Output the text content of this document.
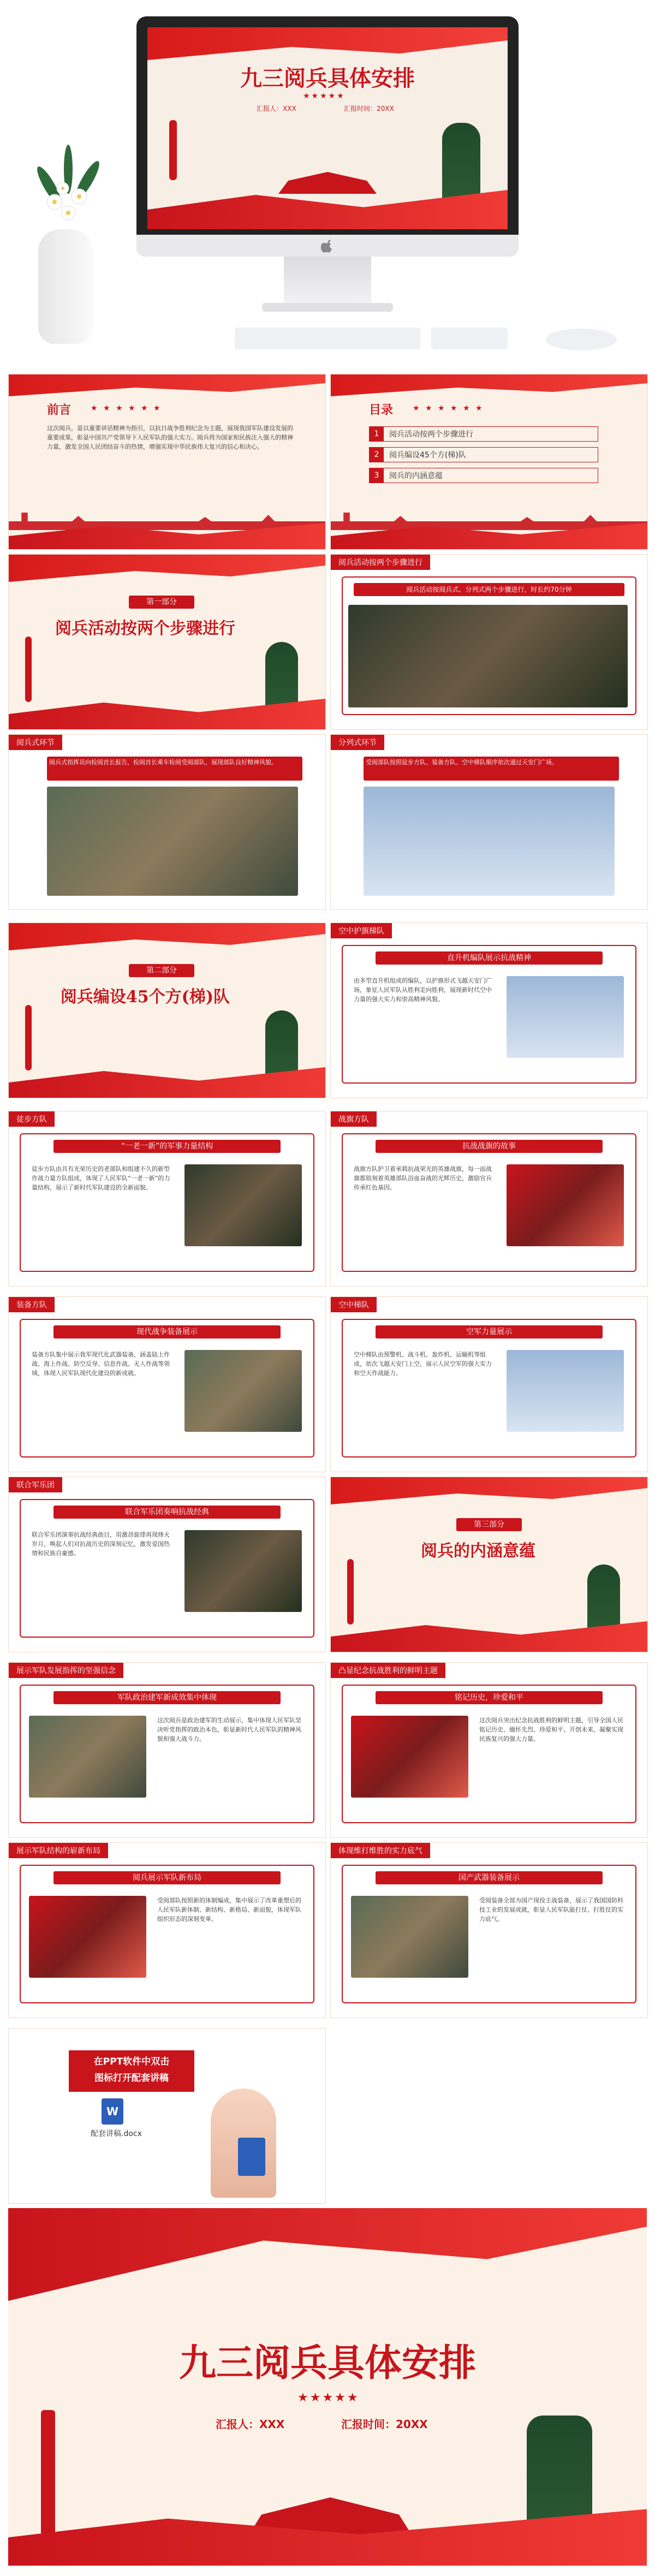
九三阅兵具体安排
★★★★★
汇报人：XXX	汇报时间：20XX
前言	★ ★ ★ ★ ★ ★
这次阅兵，是以重要讲话精神为指引，以抗日战争胜利纪念为主题，展现我国军队建设发展的重要成果，彰显中国共产党领导下人民军队的强大实力。阅兵将为国家和民族注入强大的精神力量，激发全国人民团结奋斗的热情，增强实现中华民族伟大复兴的信心和决心。
目录	★ ★ ★ ★ ★ ★
1	阅兵活动按两个步骤进行
2	阅兵编设45个方(梯)队
3	阅兵的内涵意蕴
第一部分
阅兵活动按两个步骤进行
阅兵活动按两个步骤进行
阅兵活动按阅兵式、分列式两个步骤进行，时长约70分钟
阅兵式环节
阅兵式指挥员向检阅首长报告，检阅首长乘车检阅受阅部队，展现部队良好精神风貌。
分列式环节
受阅部队按照徒步方队、装备方队、空中梯队顺序依次通过天安门广场。
第二部分
阅兵编设45个方(梯)队
空中护旗梯队
直升机编队展示抗战精神
由多型直升机组成的编队，以护旗形式飞越天安门广场，象征人民军队从胜利走向胜利，展现新时代空中力量的强大实力和崇高精神风貌。
徒步方队
“一老一新”的军事力量结构
徒步方队由具有光荣历史的老部队和组建不久的新型作战力量方队组成，体现了人民军队“一老一新”的力量结构，展示了新时代军队建设的全新面貌。
战旗方队
抗战战旗的故事
战旗方队护卫着承载抗战荣光的英雄战旗，每一面战旗都铭刻着英雄部队浴血奋战的光辉历史，激励官兵传承红色基因。
装备方队
现代战争装备展示
装备方队集中展示我军现代化武器装备，涵盖陆上作战、海上作战、防空反导、信息作战、无人作战等领域，体现人民军队现代化建设的新成就。
空中梯队
空军力量展示
空中梯队由预警机、战斗机、轰炸机、运输机等组成，依次飞越天安门上空，展示人民空军的强大实力和空天作战能力。
联合军乐团
联合军乐团奏响抗战经典
联合军乐团演奏抗战经典曲目，用激昂旋律再现烽火岁月，唤起人们对抗战历史的深刻记忆，激发爱国热情和民族自豪感。
第三部分
阅兵的内涵意蕴
展示军队发展指挥的坚强信念
军队政治建军新成效集中体现
这次阅兵是政治建军的生动展示，集中体现人民军队坚决听党指挥的政治本色，彰显新时代人民军队的精神风貌和强大战斗力。
凸显纪念抗战胜利的鲜明主题
铭记历史，珍爱和平
这次阅兵突出纪念抗战胜利的鲜明主题，引导全国人民铭记历史、缅怀先烈、珍爱和平、开创未来，凝聚实现民族复兴的强大力量。
展示军队结构的崭新布局
阅兵展示军队新布局
受阅部队按照新的体制编成，集中展示了改革重塑后的人民军队新体制、新结构、新格局、新面貌，体现军队组织形态的深刻变革。
体现维打维胜的实力底气
国产武器装备展示
受阅装备全部为国产现役主战装备，展示了我国国防科技工业的发展成就，彰显人民军队能打仗、打胜仗的实力底气。
在PPT软件中双击
图标打开配套讲稿
W
配套讲稿.docx
九三阅兵具体安排
★★★★★
汇报人：XXX	汇报时间：20XX
